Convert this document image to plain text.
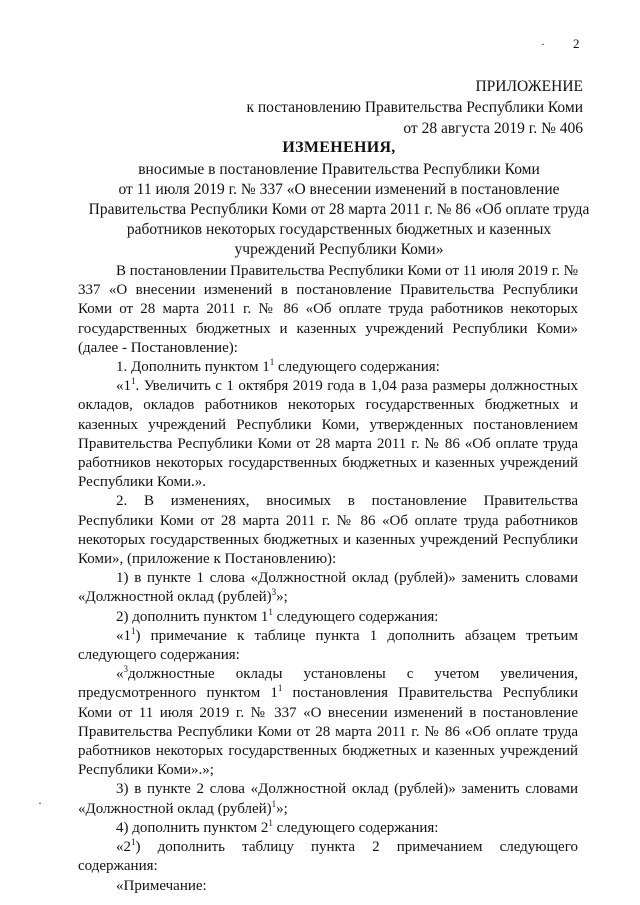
· 2
ПРИЛОЖЕНИЕ
к постановлению Правительства Республики Коми
от 28 августа 2019 г. № 406
ИЗМЕНЕНИЯ,
вносимые в постановление Правительства Республики Коми
от 11 июля 2019 г. № 337 «О внесении изменений в постановление
Правительства Республики Коми от 28 марта 2011 г. № 86 «Об оплате труда
работников некоторых государственных бюджетных и казенных
учреждений Республики Коми»

В постановлении Правительства Республики Коми от 11 июля 2019 г. № 337 «О внесении изменений в постановление Правительства Республики Коми от 28 марта 2011 г. № 86 «Об оплате труда работников некоторых государственных бюджетных и казенных учреждений Республики Коми» (далее - Постановление):

1. Дополнить пунктом $1^1$ следующего содержания:

«$1^1$. Увеличить с 1 октября 2019 года в 1,04 раза размеры должностных окладов, окладов работников некоторых государственных бюджетных и казенных учреждений Республики Коми, утвержденных постановлением Правительства Республики Коми от 28 марта 2011 г. № 86 «Об оплате труда работников некоторых государственных бюджетных и казенных учреждений Республики Коми.».

2. В изменениях, вносимых в постановление Правительства Республики Коми от 28 марта 2011 г. № 86 «Об оплате труда работников некоторых государственных бюджетных и казенных учреждений Республики Коми», (приложение к Постановлению):

1) в пункте 1 слова «Должностной оклад (рублей)» заменить словами «Должностной оклад (рублей)$^3$»;

2) дополнить пунктом $1^1$ следующего содержания:

«$1^1$) примечание к таблице пункта 1 дополнить абзацем третьим следующего содержания:

«$^3$должностные оклады установлены с учетом увеличения, предусмотренного пунктом $1^1$ постановления Правительства Республики Коми от 11 июля 2019 г. № 337 «О внесении изменений в постановление Правительства Республики Коми от 28 марта 2011 г. № 86 «Об оплате труда работников некоторых государственных бюджетных и казенных учреждений Республики Коми».»;

3) в пункте 2 слова «Должностной оклад (рублей)» заменить словами «Должностной оклад (рублей)$^1$»;

4) дополнить пунктом $2^1$ следующего содержания:

«$2^1$) дополнить таблицу пункта 2 примечанием следующего содержания:

«Примечание:

·
